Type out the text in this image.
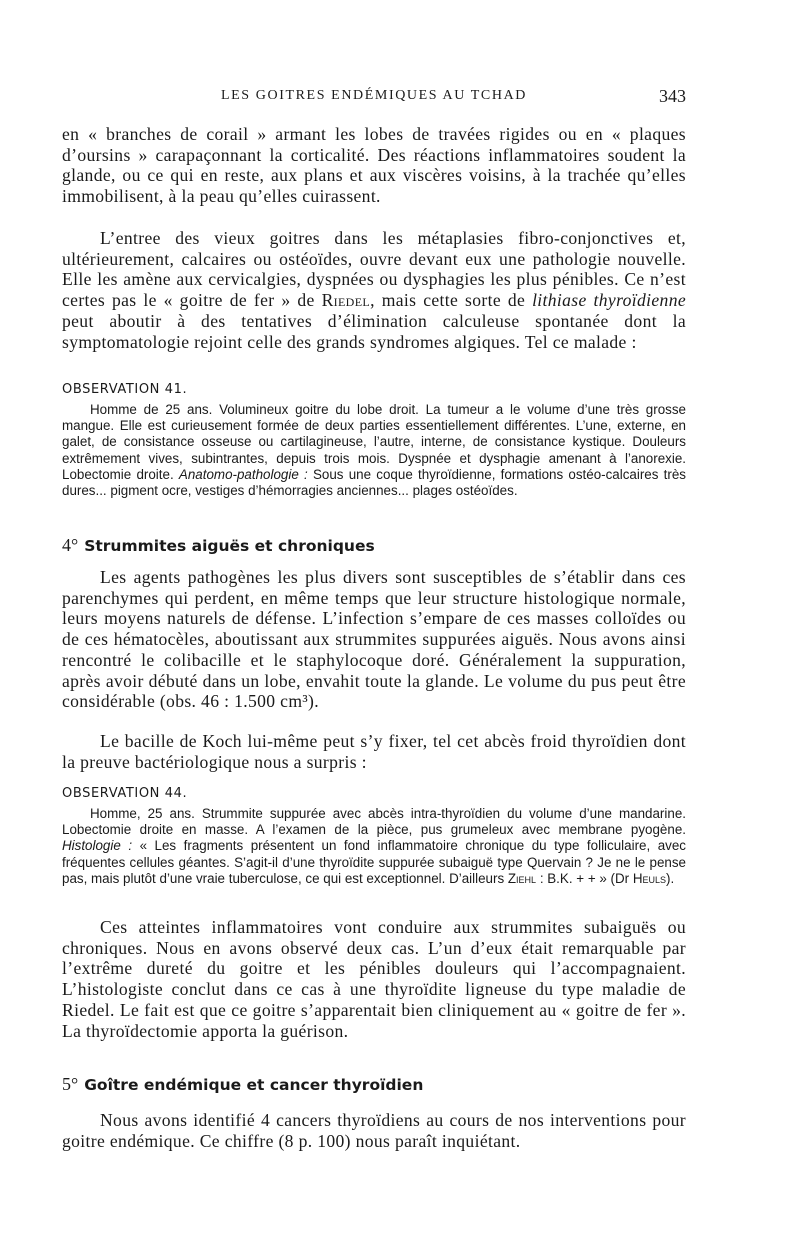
LES GOITRES ENDÉMIQUES AU TCHAD	343

en « branches de corail » armant les lobes de travées rigides ou en « plaques d’oursins » carapaçonnant la corticalité. Des réactions inflammatoires soudent la glande, ou ce qui en reste, aux plans et aux viscères voisins, à la trachée qu’elles immobilisent, à la peau qu’elles cuirassent.

L’entree des vieux goitres dans les métaplasies fibro-conjonctives et, ultérieurement, calcaires ou ostéoïdes, ouvre devant eux une pathologie nouvelle. Elle les amène aux cervicalgies, dyspnées ou dysphagies les plus pénibles. Ce n’est certes pas le « goitre de fer » de Riedel, mais cette sorte de lithiase thyroïdienne peut aboutir à des tentatives d’élimination calculeuse spontanée dont la symptomatologie rejoint celle des grands syndromes algiques. Tel ce malade :

OBSERVATION 41.

Homme de 25 ans. Volumineux goitre du lobe droit. La tumeur a le volume d’une très grosse mangue. Elle est curieusement formée de deux parties essentiellement différentes. L’une, externe, en galet, de consistance osseuse ou cartilagineuse, l’autre, interne, de consistance kystique. Douleurs extrêmement vives, subintrantes, depuis trois mois. Dyspnée et dysphagie amenant à l’anorexie. Lobectomie droite. Anatomo-pathologie : Sous une coque thyroïdienne, formations ostéo-calcaires très dures... pigment ocre, vestiges d’hémorragies anciennes... plages ostéoïdes.

4° Strummites aiguës et chroniques

Les agents pathogènes les plus divers sont susceptibles de s’établir dans ces parenchymes qui perdent, en même temps que leur structure histologique normale, leurs moyens naturels de défense. L’infection s’empare de ces masses colloïdes ou de ces hématocèles, aboutissant aux strummites suppurées aiguës. Nous avons ainsi rencontré le colibacille et le staphylocoque doré. Généralement la suppuration, après avoir débuté dans un lobe, envahit toute la glande. Le volume du pus peut être considérable (obs. 46 : 1.500 cm³).

Le bacille de Koch lui-même peut s’y fixer, tel cet abcès froid thyroïdien dont la preuve bactériologique nous a surpris :

OBSERVATION 44.

Homme, 25 ans. Strummite suppurée avec abcès intra-thyroïdien du volume d’une mandarine. Lobectomie droite en masse. A l’examen de la pièce, pus grumeleux avec membrane pyogène. Histologie : « Les fragments présentent un fond inflammatoire chronique du type folliculaire, avec fréquentes cellules géantes. S’agit-il d’une thyroïdite suppurée subaiguë type Quervain ? Je ne le pense pas, mais plutôt d’une vraie tuberculose, ce qui est exceptionnel. D’ailleurs Ziehl : B.K. + + » (Dr Heuls).

Ces atteintes inflammatoires vont conduire aux strummites subaiguës ou chroniques. Nous en avons observé deux cas. L’un d’eux était remarquable par l’extrême dureté du goitre et les pénibles douleurs qui l’accompagnaient. L’histologiste conclut dans ce cas à une thyroïdite ligneuse du type maladie de Riedel. Le fait est que ce goitre s’apparentait bien cliniquement au « goitre de fer ». La thyroïdectomie apporta la guérison.

5° Goître endémique et cancer thyroïdien

Nous avons identifié 4 cancers thyroïdiens au cours de nos interventions pour goitre endémique. Ce chiffre (8 p. 100) nous paraît inquiétant.
